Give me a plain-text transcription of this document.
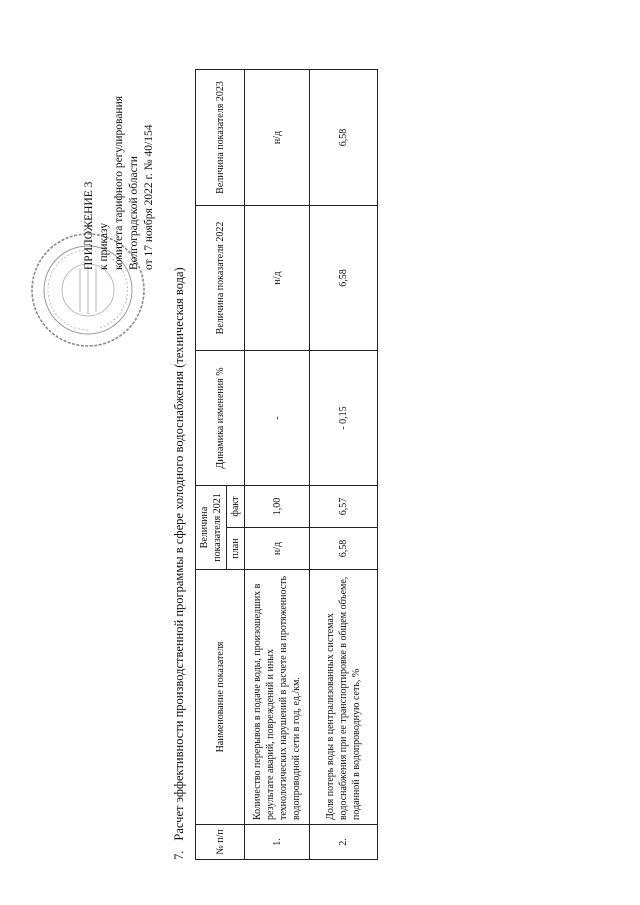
ПРИЛОЖЕНИЕ 3 к приказу комитета тарифного регулирования Волгоградской области от 17 ноября 2022 г. № 40/154
7.Расчет эффективности производственной программы в сфере холодного водоснабжения (техническая вода)
№ п/п	Наименование показателя	Величина показателя 2021		Динамика изменения %	Величина показателя 2022	Величина показателя 2023
		план	факт			
1.	Количество перерывов в подаче воды, произошедших в результате аварий, повреждений и иных технологических нарушений в расчете на протяженность водопроводной сети в год, ед./км.	н/д	1,00	-	н/д	н/д
2.	Доля потерь воды в централизованных системах водоснабжения при ее транспортировке в общем объеме, поданной в водопроводную сеть, %	6,58	6,57	- 0,15	6,58	6,58
